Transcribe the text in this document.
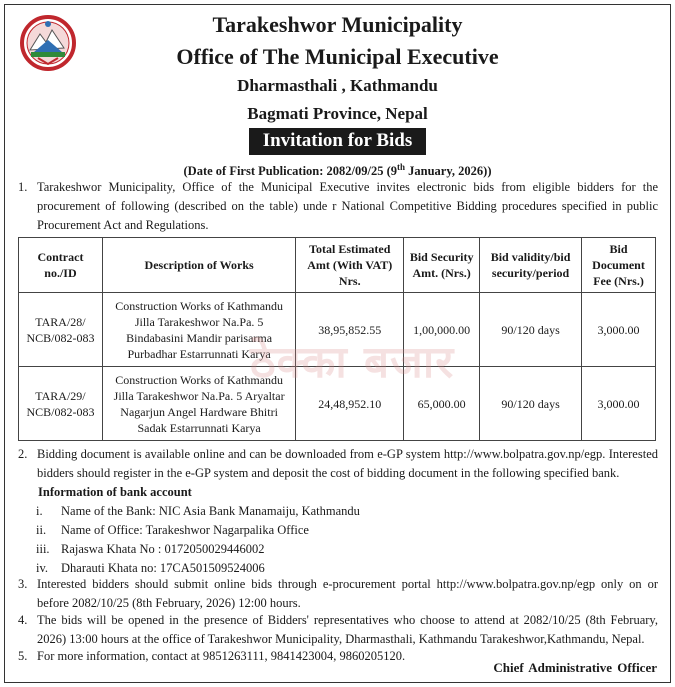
Tarakeshwor Municipality
Office of The Municipal Executive
Dharmasthali , Kathmandu
Bagmati Province, Nepal
Invitation for Bids
(Date of First Publication: 2082/09/25 (9th January, 2026))
1. Tarakeshwor Municipality, Office of the Municipal Executive invites electronic bids from eligible bidders for the procurement of following (described on the table) unde r National Competitive Bidding procedures specified in public Procurement Act and Regulations.
Contract no./ID	Description of Works	Total Estimated Amt (With VAT) Nrs.	Bid Security Amt. (Nrs.)	Bid validity/bid security/period	Bid Document Fee (Nrs.)
TARA/28/ NCB/082-083	Construction Works of Kathmandu Jilla Tarakeshwor Na.Pa. 5 Bindabasini Mandir parisarma Purbadhar Estarrunnati Karya	38,95,852.55	1,00,000.00	90/120 days	3,000.00
TARA/29/ NCB/082-083	Construction Works of Kathmandu Jilla Tarakeshwor Na.Pa. 5 Aryaltar Nagarjun Angel Hardware Bhitri Sadak Estarrunnati Karya	24,48,952.10	65,000.00	90/120 days	3,000.00
ठेक्का बजार
2. Bidding document is available online and can be downloaded from e-GP system http://www.bolpatra.gov.np/egp. Interested bidders should register in the e-GP system and deposit the cost of bidding document in the following specified bank.
Information of bank account
i. Name of the Bank: NIC Asia Bank Manamaiju, Kathmandu
ii. Name of Office: Tarakeshwor Nagarpalika Office
iii. Rajaswa Khata No : 0172050029446002
iv. Dharauti Khata no: 17CA501509524006
3. Interested bidders should submit online bids through e-procurement portal http://www.bolpatra.gov.np/egp only on or before 2082/10/25 (8th February, 2026) 12:00 hours.
4. The bids will be opened in the presence of Bidders' representatives who choose to attend at 2082/10/25 (8th February, 2026) 13:00 hours at the office of Tarakeshwor Municipality, Dharmasthali, Kathmandu Tarakeshwor,Kathmandu, Nepal.
5. For more information, contact at 9851263111, 9841423004, 9860205120.
Chief Administrative Officer
